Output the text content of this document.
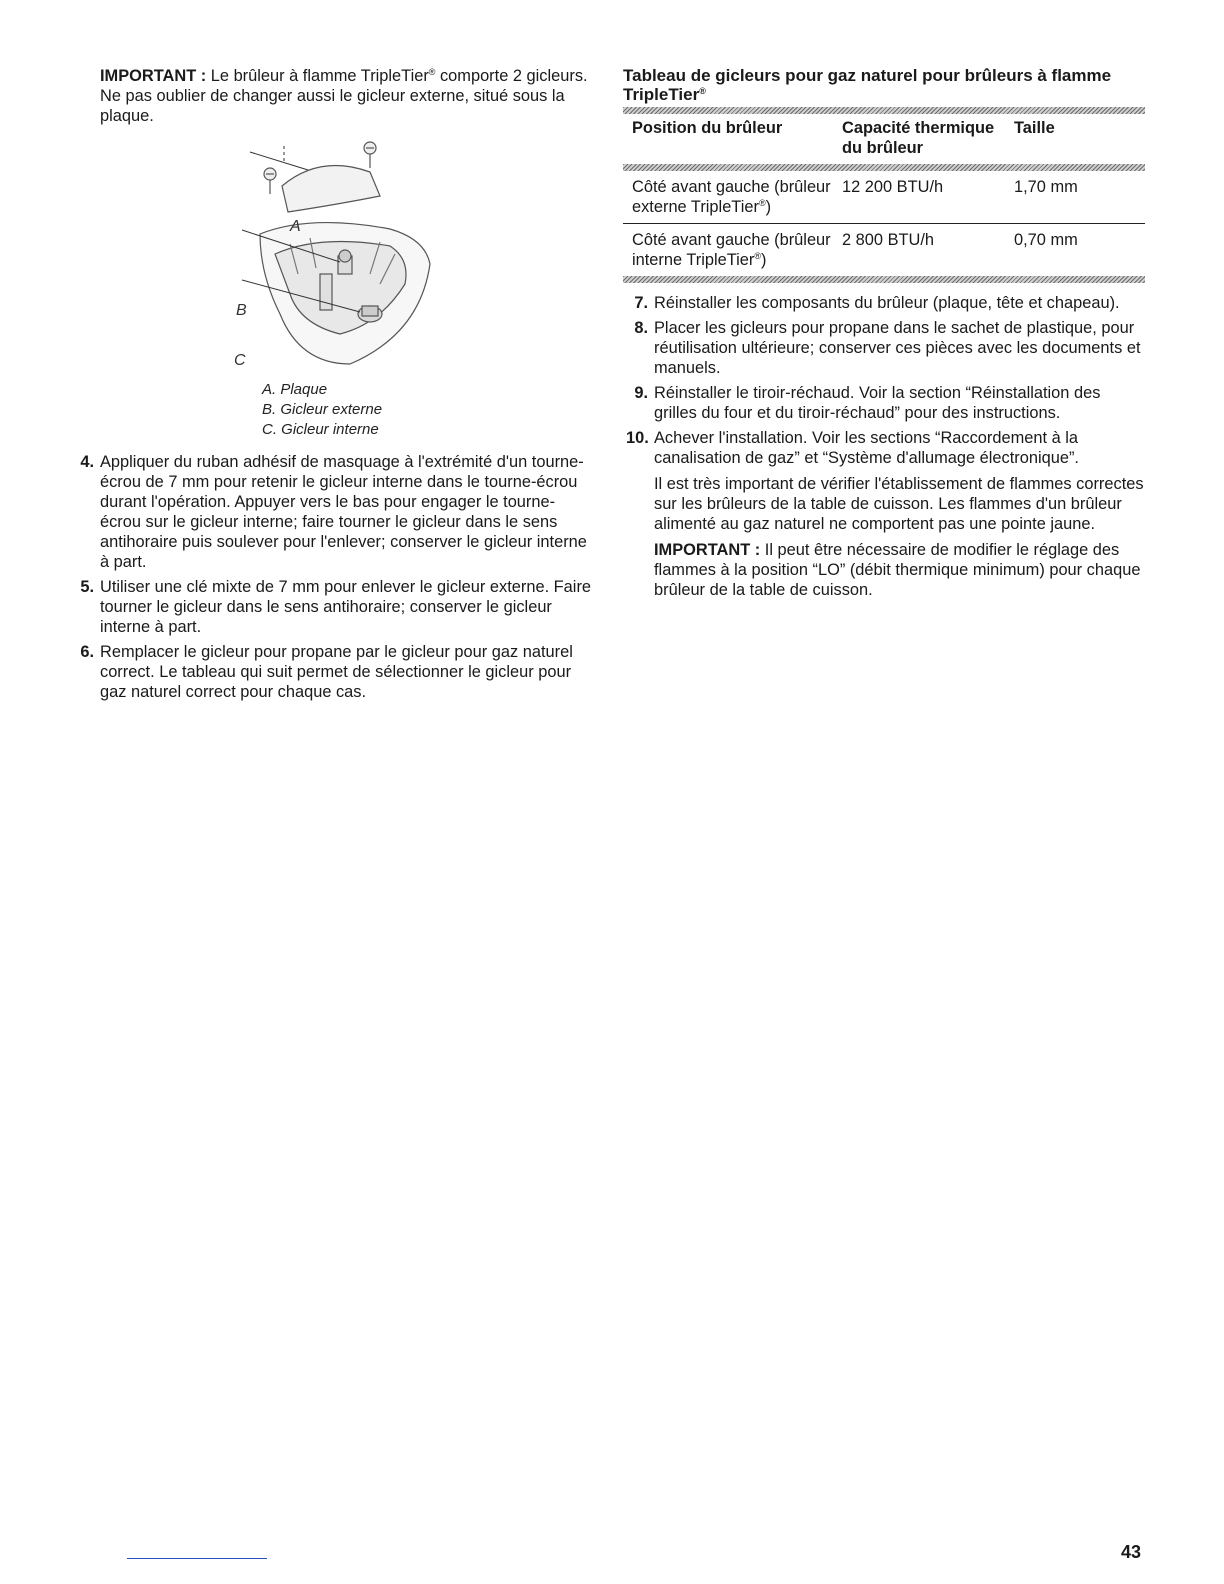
IMPORTANT : Le brûleur à flamme TripleTier® comporte 2 gicleurs. Ne pas oublier de changer aussi le gicleur externe, situé sous la plaque.

A
B
C
A. Plaque
B. Gicleur externe
C. Gicleur interne
4. Appliquer du ruban adhésif de masquage à l'extrémité d'un tourne-écrou de 7 mm pour retenir le gicleur interne dans le tourne-écrou durant l'opération. Appuyer vers le bas pour engager le tourne-écrou sur le gicleur interne; faire tourner le gicleur dans le sens antihoraire puis soulever pour l'enlever; conserver le gicleur interne à part.

5. Utiliser une clé mixte de 7 mm pour enlever le gicleur externe. Faire tourner le gicleur dans le sens antihoraire; conserver le gicleur interne à part.

6. Remplacer le gicleur pour propane par le gicleur pour gaz naturel correct. Le tableau qui suit permet de sélectionner le gicleur pour gaz naturel correct pour chaque cas.

Tableau de gicleurs pour gaz naturel pour brûleurs à flamme TripleTier®
Position du brûleur	Capacité thermique du brûleur	Taille

Côté avant gauche (brûleur externe TripleTier®)	12 200 BTU/h	1,70 mm
Côté avant gauche (brûleur interne TripleTier®)	2 800 BTU/h	0,70 mm
7. Réinstaller les composants du brûleur (plaque, tête et chapeau).

8. Placer les gicleurs pour propane dans le sachet de plastique, pour réutilisation ultérieure; conserver ces pièces avec les documents et manuels.

9. Réinstaller le tiroir-réchaud. Voir la section “Réinstallation des grilles du four et du tiroir-réchaud” pour des instructions.

10. Achever l'installation. Voir les sections “Raccordement à la canalisation de gaz” et “Système d'allumage électronique”.

Il est très important de vérifier l'établissement de flammes correctes sur les brûleurs de la table de cuisson. Les flammes d'un brûleur alimenté au gaz naturel ne comportent pas une pointe jaune.

IMPORTANT : Il peut être nécessaire de modifier le réglage des flammes à la position “LO” (débit thermique minimum) pour chaque brûleur de la table de cuisson.

43
